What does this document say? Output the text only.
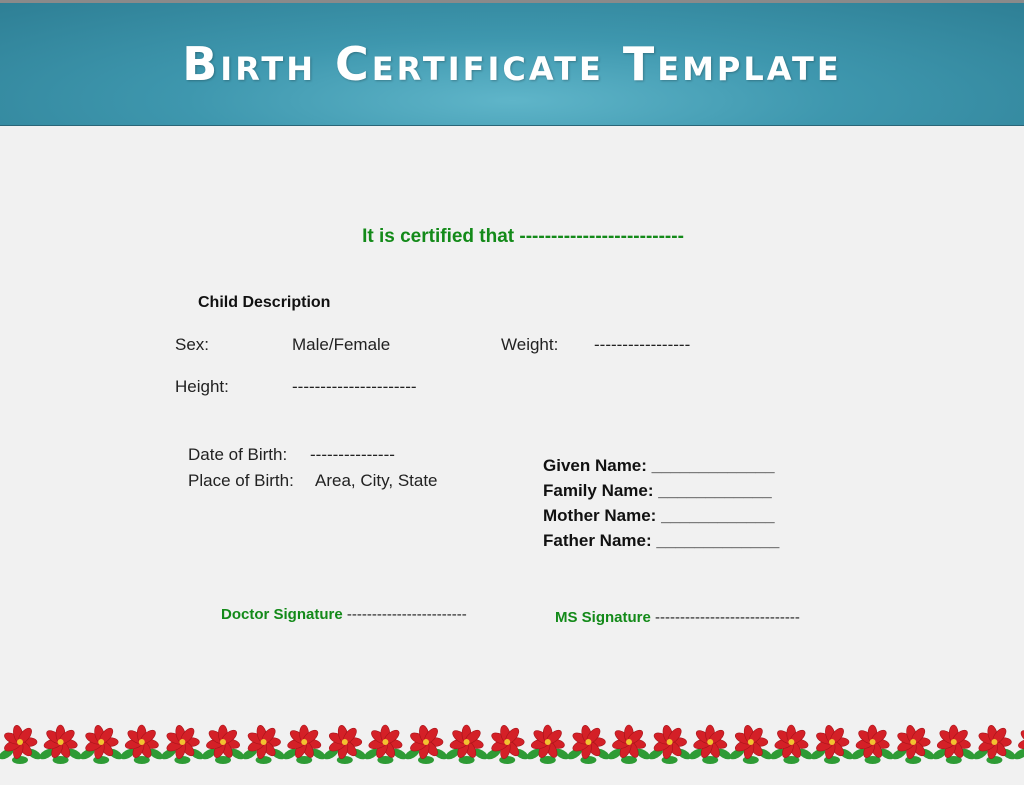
Birth Certificate Template
It is certified that --------------------------
Child Description
Sex:	Male/Female	Weight: -----------------
Height:	----------------------
Date of Birth: ---------------
Place of Birth: Area, City, State
Given Name: _____________
Family Name: ____________
Mother Name: ____________
Father Name: _____________
Doctor Signature ------------------------	MS Signature -----------------------------
